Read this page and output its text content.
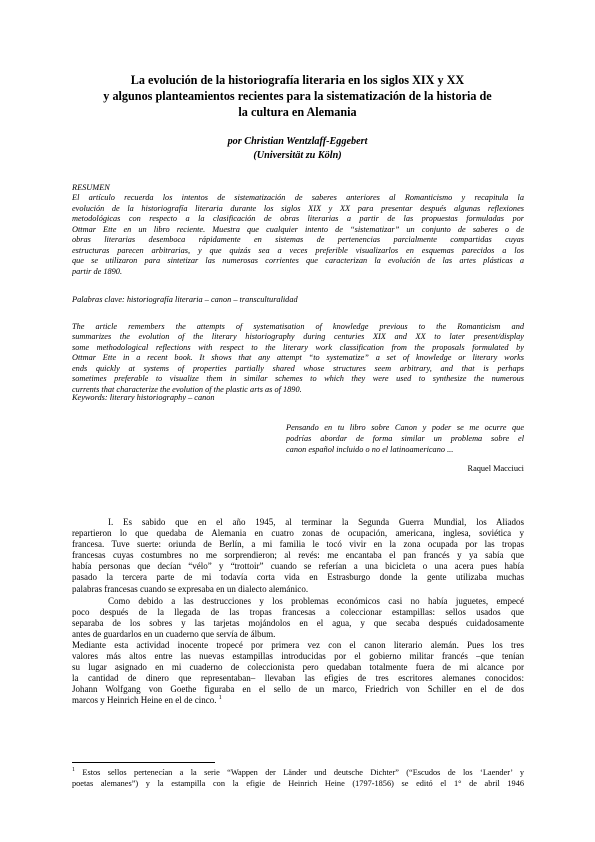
La evolución de la historiografía literaria en los siglos XIX y XX
y algunos planteamientos recientes para la sistematización de la historia de
la cultura en Alemania
por Christian Wentzlaff-Eggebert
(Universität zu Köln)
RESUMEN
El artículo recuerda los intentos de sistematización de saberes anteriores al Romanticismo y recapitula la
evolución de la historiografía literaria durante los siglos XIX y XX para presentar después algunas reflexiones
metodológicas con respecto a la clasificación de obras literarias a partir de las propuestas formuladas por
Ottmar Ette en un libro reciente. Muestra que cualquier intento de “sistematizar” un conjunto de saberes o de
obras literarias desemboca rápidamente en sistemas de pertenencias parcialmente compartidas cuyas
estructuras parecen arbitrarias, y que quizás sea a veces preferible visualizarlos en esquemas parecidos a los
que se utilizaron para sintetizar las numerosas corrientes que caracterizan la evolución de las artes plásticas a
partir de 1890.
Palabras clave: historiografía literaria – canon – transculturalidad
The article remembers the attempts of systematisation of knowledge previous to the Romanticism and
summarizes the evolution of the literary historiography during centuries XIX and XX to later present/display
some methodological reflections with respect to the literary work classification from the proposals formulated by
Ottmar Ette in a recent book. It shows that any attempt “to systematize” a set of knowledge or literary works
ends quickly at systems of properties partially shared whose structures seem arbitrary, and that is perhaps
sometimes preferable to visualize them in similar schemes to which they were used to synthesize the numerous
currents that characterize the evolution of the plastic arts as of 1890.
Keywords: literary historiography – canon
Pensando en tu libro sobre Canon y poder se me ocurre que
podrías abordar de forma similar un problema sobre el
canon español incluido o no el latinoamericano ...
Raquel Macciuci
I. Es sabido que en el año 1945, al terminar la Segunda Guerra Mundial, los Aliados
repartieron lo que quedaba de Alemania en cuatro zonas de ocupación, americana, inglesa, soviética y
francesa. Tuve suerte: oriunda de Berlín, a mi familia le tocó vivir en la zona ocupada por las tropas
francesas cuyas costumbres no me sorprendieron; al revés: me encantaba el pan francés y ya sabía que
había personas que decían “vélo” y “trottoir” cuando se referían a una bicicleta o una acera pues había
pasado la tercera parte de mi todavía corta vida en Estrasburgo donde la gente utilizaba muchas
palabras francesas cuando se expresaba en un dialecto alemánico.
Como debido a las destrucciones y los problemas económicos casi no había juguetes, empecé
poco después de la llegada de las tropas francesas a coleccionar estampillas: sellos usados que
separaba de los sobres y las tarjetas mojándolos en el agua, y que secaba después cuidadosamente
antes de guardarlos en un cuaderno que servía de álbum.
Mediante esta actividad inocente tropecé por primera vez con el canon literario alemán. Pues los tres
valores más altos entre las nuevas estampillas introducidas por el gobierno militar francés –que tenían
su lugar asignado en mi cuaderno de coleccionista pero quedaban totalmente fuera de mi alcance por
la cantidad de dinero que representaban– llevaban las efigies de tres escritores alemanes conocidos:
Johann Wolfgang von Goethe figuraba en el sello de un marco, Friedrich von Schiller en el de dos
marcos y Heinrich Heine en el de cinco. $^1$
$^1$ Estos sellos pertenecían a la serie “Wappen der Länder und deutsche Dichter” (“Escudos de los ‘Laender’ y
poetas alemanes”) y la estampilla con la efigie de Heinrich Heine (1797-1856) se editó el 1° de abril 1946
